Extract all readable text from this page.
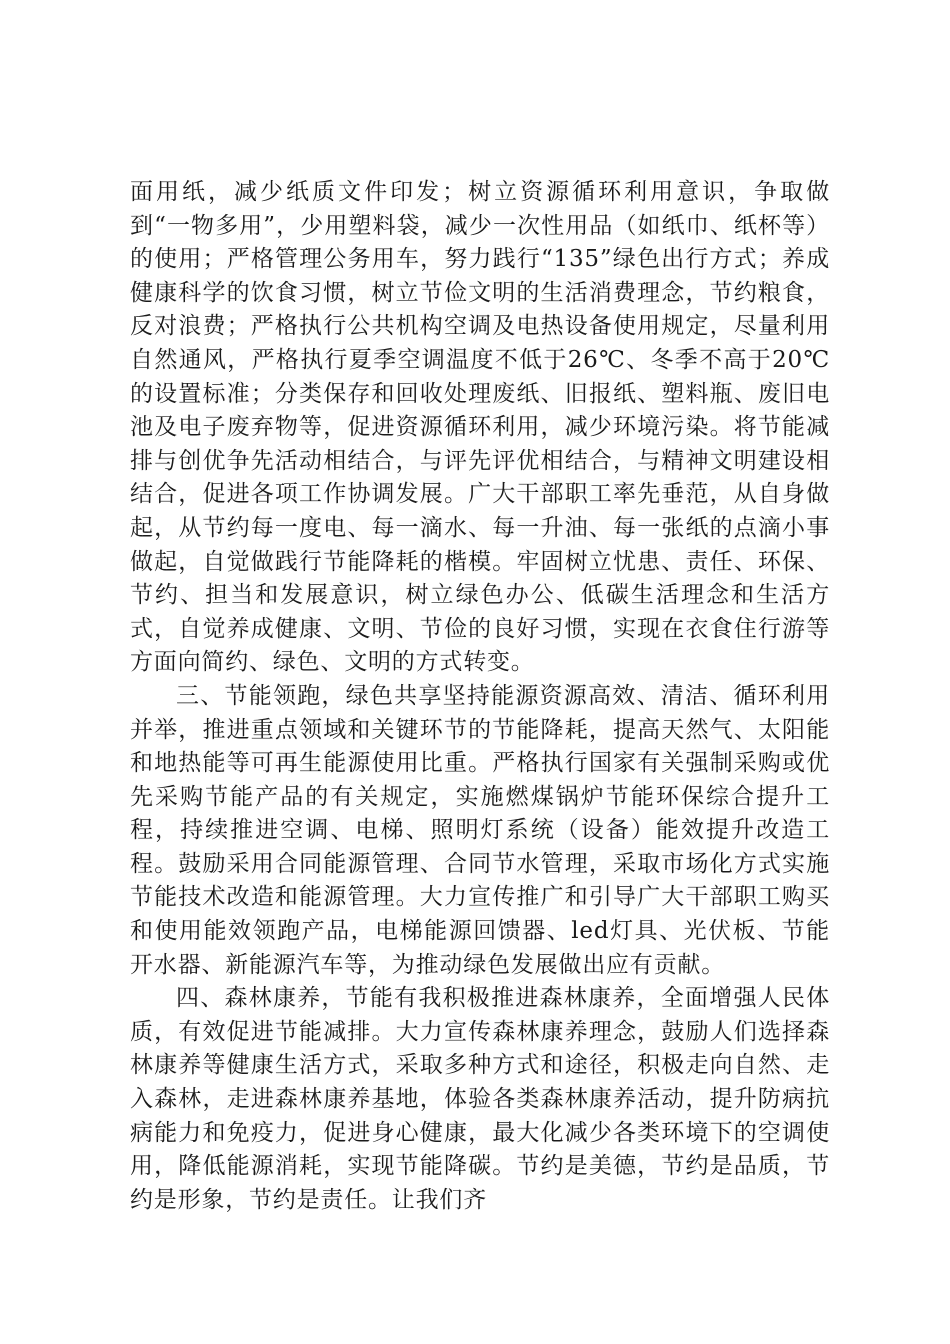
面用纸，减少纸质文件印发；树立资源循环利用意识，争取做到“一物多用”，少用塑料袋，减少一次性用品（如纸巾、纸杯等）的使用；严格管理公务用车，努力践行“135”绿色出行方式；养成健康科学的饮食习惯，树立节俭文明的生活消费理念，节约粮食，反对浪费；严格执行公共机构空调及电热设备使用规定，尽量利用自然通风，严格执行夏季空调温度不低于26℃、冬季不高于20℃的设置标准；分类保存和回收处理废纸、旧报纸、塑料瓶、废旧电池及电子废弃物等，促进资源循环利用，减少环境污染。将节能减排与创优争先活动相结合，与评先评优相结合，与精神文明建设相结合，促进各项工作协调发展。广大干部职工率先垂范，从自身做起，从节约每一度电、每一滴水、每一升油、每一张纸的点滴小事做起，自觉做践行节能降耗的楷模。牢固树立忧患、责任、环保、节约、担当和发展意识，树立绿色办公、低碳生活理念和生活方式，自觉养成健康、文明、节俭的良好习惯，实现在衣食住行游等方面向简约、绿色、文明的方式转变。

三、节能领跑，绿色共享坚持能源资源高效、清洁、循环利用并举，推进重点领域和关键环节的节能降耗，提高天然气、太阳能和地热能等可再生能源使用比重。严格执行国家有关强制采购或优先采购节能产品的有关规定，实施燃煤锅炉节能环保综合提升工程，持续推进空调、电梯、照明灯系统（设备）能效提升改造工程。鼓励采用合同能源管理、合同节水管理，采取市场化方式实施节能技术改造和能源管理。大力宣传推广和引导广大干部职工购买和使用能效领跑产品，电梯能源回馈器、led灯具、光伏板、节能开水器、新能源汽车等，为推动绿色发展做出应有贡献。

四、森林康养，节能有我积极推进森林康养，全面增强人民体质，有效促进节能减排。大力宣传森林康养理念，鼓励人们选择森林康养等健康生活方式，采取多种方式和途径，积极走向自然、走入森林，走进森林康养基地，体验各类森林康养活动，提升防病抗病能力和免疫力，促进身心健康，最大化减少各类环境下的空调使用，降低能源消耗，实现节能降碳。节约是美德，节约是品质，节约是形象，节约是责任。让我们齐
